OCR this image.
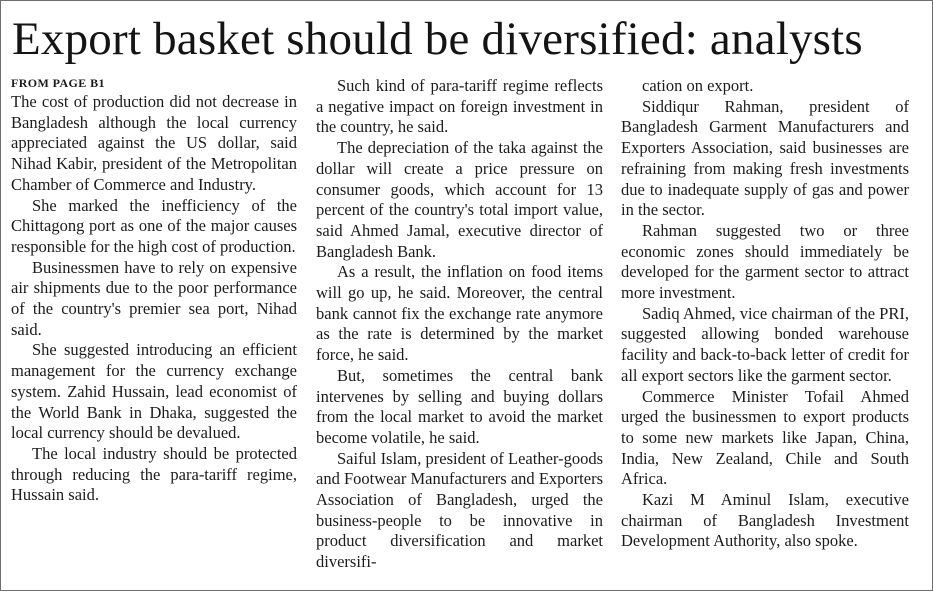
Export basket should be diversified: analysts
FROM PAGE B1

The cost of production did not decrease in Bangladesh although the local currency appreciated against the US dollar, said Nihad Kabir, president of the Metropolitan Chamber of Commerce and Industry.

She marked the inefficiency of the Chittagong port as one of the major causes responsible for the high cost of production.

Businessmen have to rely on expensive air shipments due to the poor performance of the country's premier sea port, Nihad said.

She suggested introducing an efficient management for the currency exchange system. Zahid Hussain, lead economist of the World Bank in Dhaka, suggested the local currency should be devalued.

The local industry should be protected through reducing the para-tariff regime, Hussain said.

Such kind of para-tariff regime reflects a negative impact on foreign investment in the country, he said.

The depreciation of the taka against the dollar will create a price pressure on consumer goods, which account for 13 percent of the country's total import value, said Ahmed Jamal, executive director of Bangladesh Bank.

As a result, the inflation on food items will go up, he said. Moreover, the central bank cannot fix the exchange rate anymore as the rate is determined by the market force, he said.

But, sometimes the central bank intervenes by selling and buying dollars from the local market to avoid the market become volatile, he said.

Saiful Islam, president of Leather-goods and Footwear Manufacturers and Exporters Association of Bangladesh, urged the business-people to be innovative in product diversification and market diversifi-

cation on export.

Siddiqur Rahman, president of Bangladesh Garment Manufacturers and Exporters Association, said businesses are refraining from making fresh investments due to inadequate supply of gas and power in the sector.

Rahman suggested two or three economic zones should immediately be developed for the garment sector to attract more investment.

Sadiq Ahmed, vice chairman of the PRI, suggested allowing bonded warehouse facility and back-to-back letter of credit for all export sectors like the garment sector.

Commerce Minister Tofail Ahmed urged the businessmen to export products to some new markets like Japan, China, India, New Zealand, Chile and South Africa.

Kazi M Aminul Islam, executive chairman of Bangladesh Investment Development Authority, also spoke.
